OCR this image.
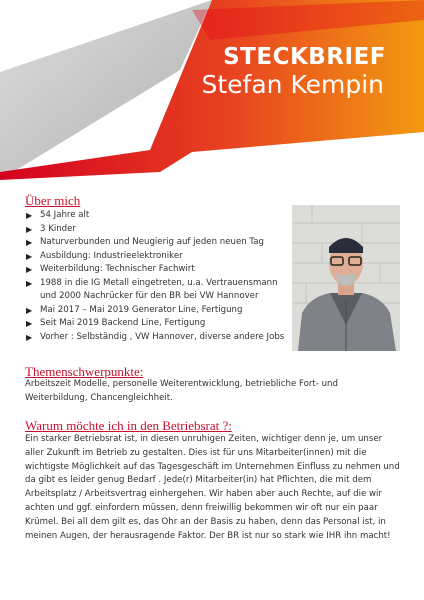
STECKBRIEF
Stefan Kempin
Über mich
▶ 54 Jahre alt
▶ 3 Kinder
▶ Naturverbunden und Neugierig auf jeden neuen Tag
▶ Ausbildung: Industrieelektroniker
▶ Weiterbildung: Technischer Fachwirt
▶ 1988 in die IG Metall eingetreten, u.a. Vertrauensmann und 2000 Nachrücker für den BR bei VW Hannover
▶ Mai 2017 – Mai 2019 Generator Line, Fertigung
▶ Seit Mai 2019 Backend Line, Fertigung
▶ Vorher : Selbständig , VW Hannover, diverse andere Jobs
Themenschwerpunkte:
Arbeitszeit Modelle, personelle Weiterentwicklung, betriebliche Fort- und Weiterbildung, Chancengleichheit.
Warum möchte ich in den Betriebsrat ?:
Ein starker Betriebsrat ist, in diesen unruhigen Zeiten, wichtiger denn je, um unser aller Zukunft im Betrieb zu gestalten. Dies ist für uns Mitarbeiter(innen) mit die wichtigste Möglichkeit auf das Tagesgeschäft im Unternehmen Einfluss zu nehmen und da gibt es leider genug Bedarf . Jede(r) Mitarbeiter(in) hat Pflichten, die mit dem Arbeitsplatz / Arbeitsvertrag einhergehen. Wir haben aber auch Rechte, auf die wir achten und ggf. einfordern müssen, denn freiwillig bekommen wir oft nur ein paar Krümel. Bei all dem gilt es, das Ohr an der Basis zu haben, denn das Personal ist, in meinen Augen, der herausragende Faktor. Der BR ist nur so stark wie IHR ihn macht!
